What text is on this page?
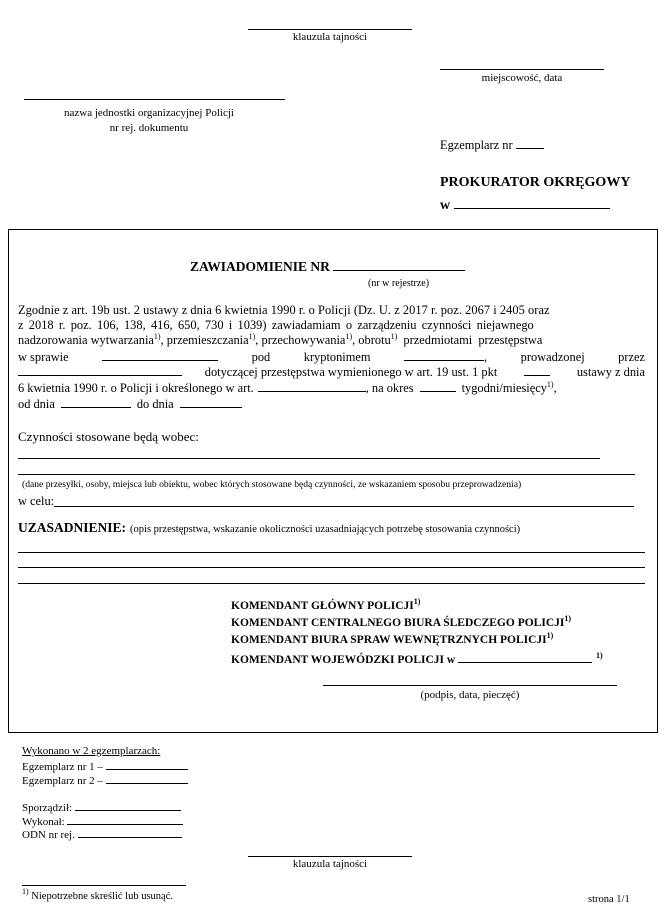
klauzula tajności
miejscowość, data
nazwa jednostki organizacyjnej Policji
nr rej. dokumentu
Egzemplarz nr
PROKURATOR OKRĘGOWY
w
ZAWIADOMIENIE NR
(nr w rejestrze)
Zgodnie z art. 19b ust. 2 ustawy z dnia 6 kwietnia 1990 r. o Policji (Dz. U. z 2017 r. poz. 2067 i 2405 oraz
z 2018 r. poz. 106, 138, 416, 650, 730 i 1039) zawiadamiam o zarządzeniu czynności niejawnego
nadzorowania wytwarzania$^{1)}$, przemieszczania$^{1)}$, przechowywania$^{1)}$, obrotu$^{1)}$ przedmiotami przestępstwa
w sprawie	pod	kryptonimem	,	prowadzonej	przez
dotyczącej przestępstwa wymienionego w art. 19 ust. 1 pkt	ustawy z dnia
6 kwietnia 1990 r. o Policji i określonego w art.	, na okres	tygodni/miesięcy$^{1)}$,
od dnia	do dnia
Czynności stosowane będą wobec:
(dane przesyłki, osoby, miejsca lub obiektu, wobec których stosowane będą czynności, ze wskazaniem sposobu przeprowadzenia)
w celu:
UZASADNIENIE: (opis przestępstwa, wskazanie okoliczności uzasadniających potrzebę stosowania czynności)
KOMENDANT GŁÓWNY POLICJI$^{1)}$
KOMENDANT CENTRALNEGO BIURA ŚLEDCZEGO POLICJI$^{1)}$
KOMENDANT BIURA SPRAW WEWNĘTRZNYCH POLICJI$^{1)}$
KOMENDANT WOJEWÓDZKI POLICJI w	$^{1)}$
(podpis, data, pieczęć)
Wykonano w 2 egzemplarzach:
Egzemplarz nr 1 –
Egzemplarz nr 2 –
Sporządził:
Wykonał:
ODN nr rej.
klauzula tajności
$^{1)}$ Niepotrzebne skreślić lub usunąć.	strona 1/1
